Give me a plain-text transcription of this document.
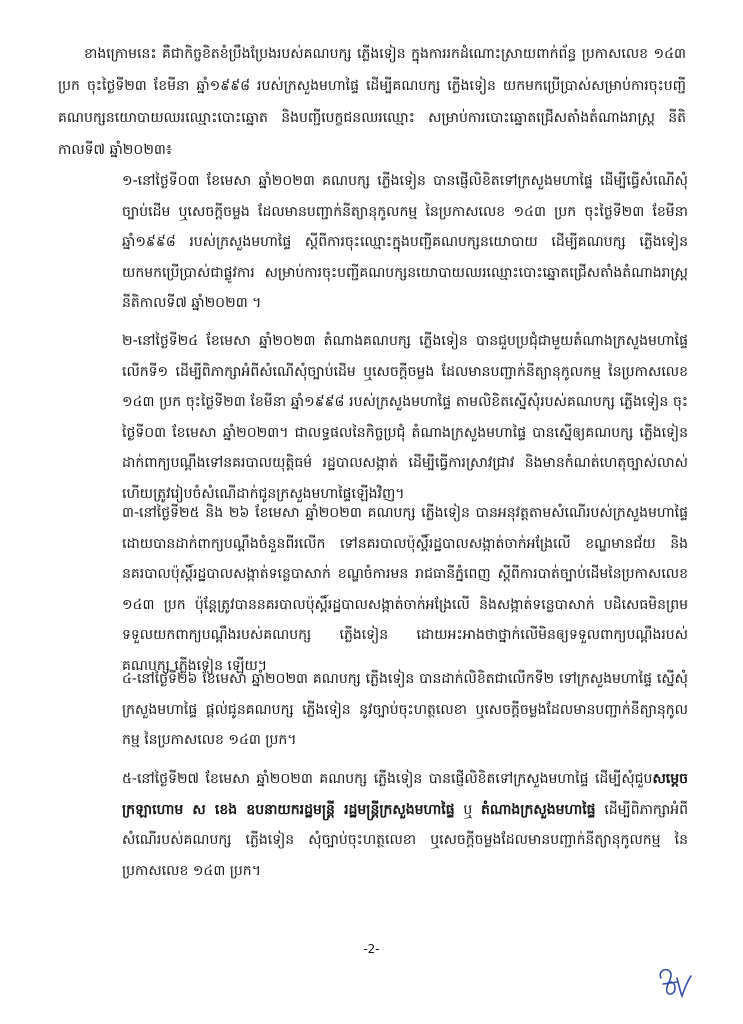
ខាងក្រោមនេះ គឺជាកិច្ចខិតខំប្រឹងប្រែងរបស់គណបក្ស ភ្លើងទៀន ក្នុងការរកដំណោះស្រាយពាក់ព័ន្ធ ប្រកាសលេខ ១៤៣ ប្រក ចុះថ្ងៃទី២៣ ខែមីនា ឆ្នាំ១៩៩៨ របស់ក្រសួងមហាផ្ទៃ ដើម្បីគណបក្ស ភ្លើងទៀន យកមកប្រើប្រាស់សម្រាប់ការចុះបញ្ជីគណបក្សនយោបាយឈរឈ្មោះបោះឆ្នោត និងបញ្ជីបេក្ខជនឈរឈ្មោះ សម្រាប់ការបោះឆ្នោតជ្រើសតាំងតំណាងរាស្ត្រ នីតិកាលទី៧ ឆ្នាំ២០២៣៖

១-នៅថ្ងៃទី០៣ ខែមេសា ឆ្នាំ២០២៣ គណបក្ស ភ្លើងទៀន បានផ្ញើលិខិតទៅក្រសួងមហាផ្ទៃ ដើម្បីធ្វើសំណើសុំច្បាប់ដើម ឬសេចក្តីចម្លង ដែលមានបញ្ជាក់នីត្យានុកូលកម្ម នៃប្រកាសលេខ ១៤៣ ប្រក ចុះថ្ងៃទី២៣ ខែមីនា ឆ្នាំ១៩៩៨ របស់ក្រសួងមហាផ្ទៃ ស្តីពីការចុះឈ្មោះក្នុងបញ្ជីគណបក្សនយោបាយ ដើម្បីគណបក្ស ភ្លើងទៀន យកមកប្រើប្រាស់ជាផ្លូវការ សម្រាប់ការចុះបញ្ជីគណបក្សនយោបាយឈរឈ្មោះបោះឆ្នោតជ្រើសតាំងតំណាងរាស្ត្រ នីតិកាលទី៧ ឆ្នាំ២០២៣ ។
២-នៅថ្ងៃទី២៤ ខែមេសា ឆ្នាំ២០២៣ តំណាងគណបក្ស ភ្លើងទៀន បានជួបប្រជុំជាមួយតំណាងក្រសួងមហាផ្ទៃ លើកទី១ ដើម្បីពិភាក្សាអំពីសំណើសុំច្បាប់ដើម ឬសេចក្តីចម្លង ដែលមានបញ្ជាក់នីត្យានុកូលកម្ម នៃប្រកាសលេខ ១៤៣ ប្រក ចុះថ្ងៃទី២៣ ខែមីនា ឆ្នាំ១៩៩៨ របស់ក្រសួងមហាផ្ទៃ តាមលិខិតស្នើសុំរបស់គណបក្ស ភ្លើងទៀន ចុះថ្ងៃទី០៣ ខែមេសា ឆ្នាំ២០២៣។ ជាលទ្ធផលនៃកិច្ចប្រជុំ តំណាងក្រសួងមហាផ្ទៃ បានស្នើឲ្យគណបក្ស ភ្លើងទៀន ដាក់ពាក្យបណ្តឹងទៅនគរបាលយុត្តិធម៌ រដ្ឋបាលសង្កាត់ ដើម្បីធ្វើការស្រាវជ្រាវ និងមានកំណត់ហេតុច្បាស់លាស់ ហើយត្រូវរៀបចំសំណើដាក់ជូនក្រសួងមហាផ្ទៃឡើងវិញ។
៣-នៅថ្ងៃទី២៥ និង ២៦ ខែមេសា ឆ្នាំ២០២៣ គណបក្ស ភ្លើងទៀន បានអនុវត្តតាមសំណើរបស់ក្រសួងមហាផ្ទៃ ដោយបានដាក់ពាក្យបណ្តឹងចំនួនពីរលើក ទៅនគរបាលប៉ុស្តិ៍រដ្ឋបាលសង្កាត់ចាក់អង្រែលើ ខណ្ឌមានជ័យ និងនគរបាលប៉ុស្តិ៍រដ្ឋបាលសង្កាត់ទន្លេបាសាក់ ខណ្ឌចំការមន រាជធានីភ្នំពេញ ស្តីពីការបាត់ច្បាប់ដើមនៃប្រកាសលេខ ១៤៣ ប្រក ប៉ុន្តែត្រូវបាននគរបាលប៉ុស្តិ៍រដ្ឋបាលសង្កាត់ចាក់អង្រែលើ និងសង្កាត់ទន្លេបាសាក់ បដិសេធមិនព្រមទទួលយកពាក្យបណ្តឹងរបស់គណបក្ស ភ្លើងទៀន ដោយអះអាងថាថ្នាក់លើមិនឲ្យទទួលពាក្យបណ្តឹងរបស់គណបក្ស ភ្លើងទៀន ឡើយ។
៤-នៅថ្ងៃទី២៦ ខែមេសា ឆ្នាំ២០២៣ គណបក្ស ភ្លើងទៀន បានដាក់លិខិតជាលើកទី២ ទៅក្រសួងមហាផ្ទៃ ស្នើសុំក្រសួងមហាផ្ទៃ ផ្តល់ជូនគណបក្ស ភ្លើងទៀន នូវច្បាប់ចុះហត្ថលេខា ឬសេចក្តីចម្លងដែលមានបញ្ជាក់នីត្យានុកូលកម្ម នៃប្រកាសលេខ ១៤៣ ប្រក។
៥-នៅថ្ងៃទី២៧ ខែមេសា ឆ្នាំ២០២៣ គណបក្ស ភ្លើងទៀន បានផ្ញើលិខិតទៅក្រសួងមហាផ្ទៃ ដើម្បីសុំជួបសម្តេចក្រឡាហោម ស ខេង ឧបនាយករដ្ឋមន្ត្រី រដ្ឋមន្ត្រីក្រសួងមហាផ្ទៃ ឬ តំណាងក្រសួងមហាផ្ទៃ ដើម្បីពិភាក្សាអំពីសំណើរបស់គណបក្ស ភ្លើងទៀន សុំច្បាប់ចុះហត្ថលេខា ឬសេចក្តីចម្លងដែលមានបញ្ជាក់នីត្យានុកូលកម្ម នៃប្រកាសលេខ ១៤៣ ប្រក។
-2-
